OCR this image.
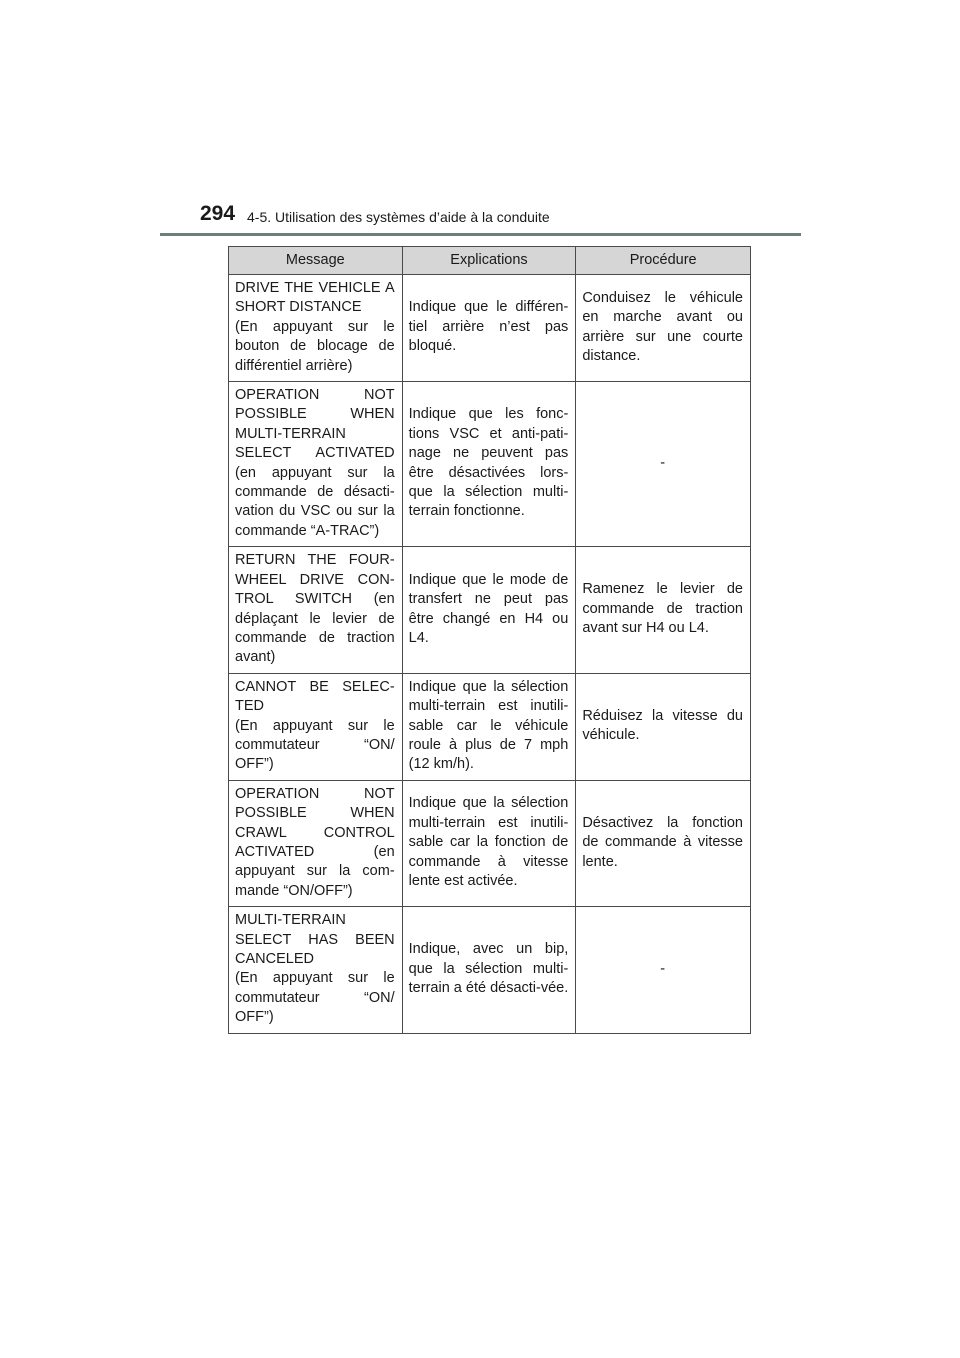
294 4-5. Utilisation des systèmes d’aide à la conduite
Message	Explications	Procédure

DRIVE THE VEHICLE A SHORT DISTANCE
(En appuyant sur le bouton de blocage de différentiel arrière)	Indique que le différen-tiel arrière n’est pas bloqué.	Conduisez le véhicule en marche avant ou arrière sur une courte distance.

OPERATION NOT POSSIBLE WHEN MULTI-TERRAIN SELECT ACTIVATED (en appuyant sur la commande de désacti-vation du VSC ou sur la commande “A-TRAC”)	Indique que les fonc-tions VSC et anti-pati-nage ne peuvent pas être désactivées lors-que la sélection multi-terrain fonctionne.	-

RETURN THE FOUR-WHEEL DRIVE CON-TROL SWITCH (en déplaçant le levier de commande de traction avant)	Indique que le mode de transfert ne peut pas être changé en H4 ou L4.	Ramenez le levier de commande de traction avant sur H4 ou L4.

CANNOT BE SELEC-TED
(En appuyant sur le commutateur “ON/ OFF”)	Indique que la sélection multi-terrain est inutili-sable car le véhicule roule à plus de 7 mph (12 km/h).	Réduisez la vitesse du véhicule.

OPERATION NOT POSSIBLE WHEN CRAWL CONTROL ACTIVATED (en appuyant sur la com-mande “ON/OFF”)	Indique que la sélection multi-terrain est inutili-sable car la fonction de commande à vitesse lente est activée.	Désactivez la fonction de commande à vitesse lente.

MULTI-TERRAIN SELECT HAS BEEN CANCELED
(En appuyant sur le commutateur “ON/ OFF”)	Indique, avec un bip, que la sélection multi-terrain a été désacti-vée.	-
